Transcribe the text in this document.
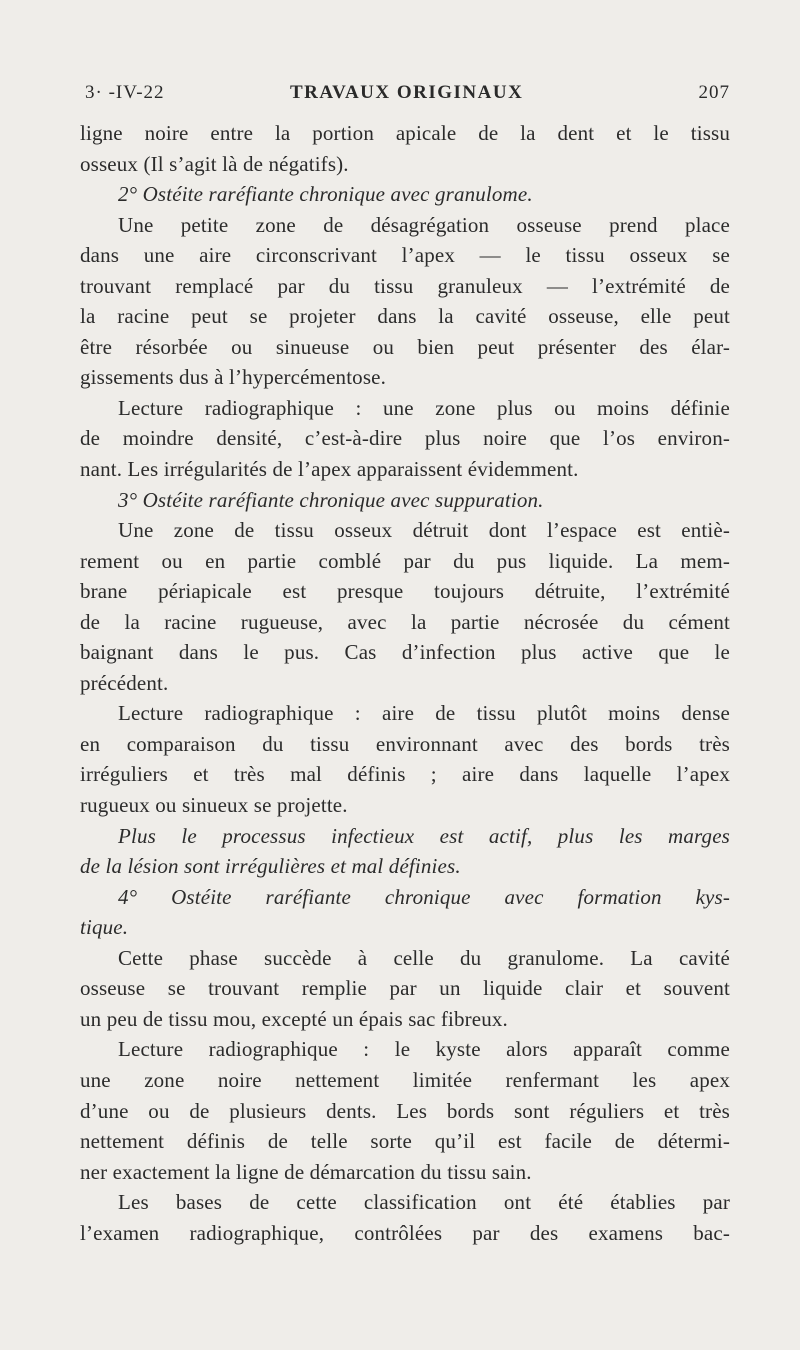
3· -IV-22	TRAVAUX ORIGINAUX	207
ligne noire entre la portion apicale de la dent et le tissu
osseux (Il s’agit là de négatifs).
2° Ostéite raréfiante chronique avec granulome.
Une petite zone de désagrégation osseuse prend place
dans une aire circonscrivant l’apex — le tissu osseux se
trouvant remplacé par du tissu granuleux — l’extrémité de
la racine peut se projeter dans la cavité osseuse, elle peut
être résorbée ou sinueuse ou bien peut présenter des élar-
gissements dus à l’hypercémentose.
Lecture radiographique : une zone plus ou moins définie
de moindre densité, c’est-à-dire plus noire que l’os environ-
nant. Les irrégularités de l’apex apparaissent évidemment.
3° Ostéite raréfiante chronique avec suppuration.
Une zone de tissu osseux détruit dont l’espace est entiè-
rement ou en partie comblé par du pus liquide. La mem-
brane périapicale est presque toujours détruite, l’extrémité
de la racine rugueuse, avec la partie nécrosée du cément
baignant dans le pus. Cas d’infection plus active que le
précédent.
Lecture radiographique : aire de tissu plutôt moins dense
en comparaison du tissu environnant avec des bords très
irréguliers et très mal définis ; aire dans laquelle l’apex
rugueux ou sinueux se projette.
Plus le processus infectieux est actif, plus les marges
de la lésion sont irrégulières et mal définies.
4° Ostéite raréfiante chronique avec formation kys-
tique.
Cette phase succède à celle du granulome. La cavité
osseuse se trouvant remplie par un liquide clair et souvent
un peu de tissu mou, excepté un épais sac fibreux.
Lecture radiographique : le kyste alors apparaît comme
une zone noire nettement limitée renfermant les apex
d’une ou de plusieurs dents. Les bords sont réguliers et très
nettement définis de telle sorte qu’il est facile de détermi-
ner exactement la ligne de démarcation du tissu sain.
Les bases de cette classification ont été établies par
l’examen radiographique, contrôlées par des examens bac-
